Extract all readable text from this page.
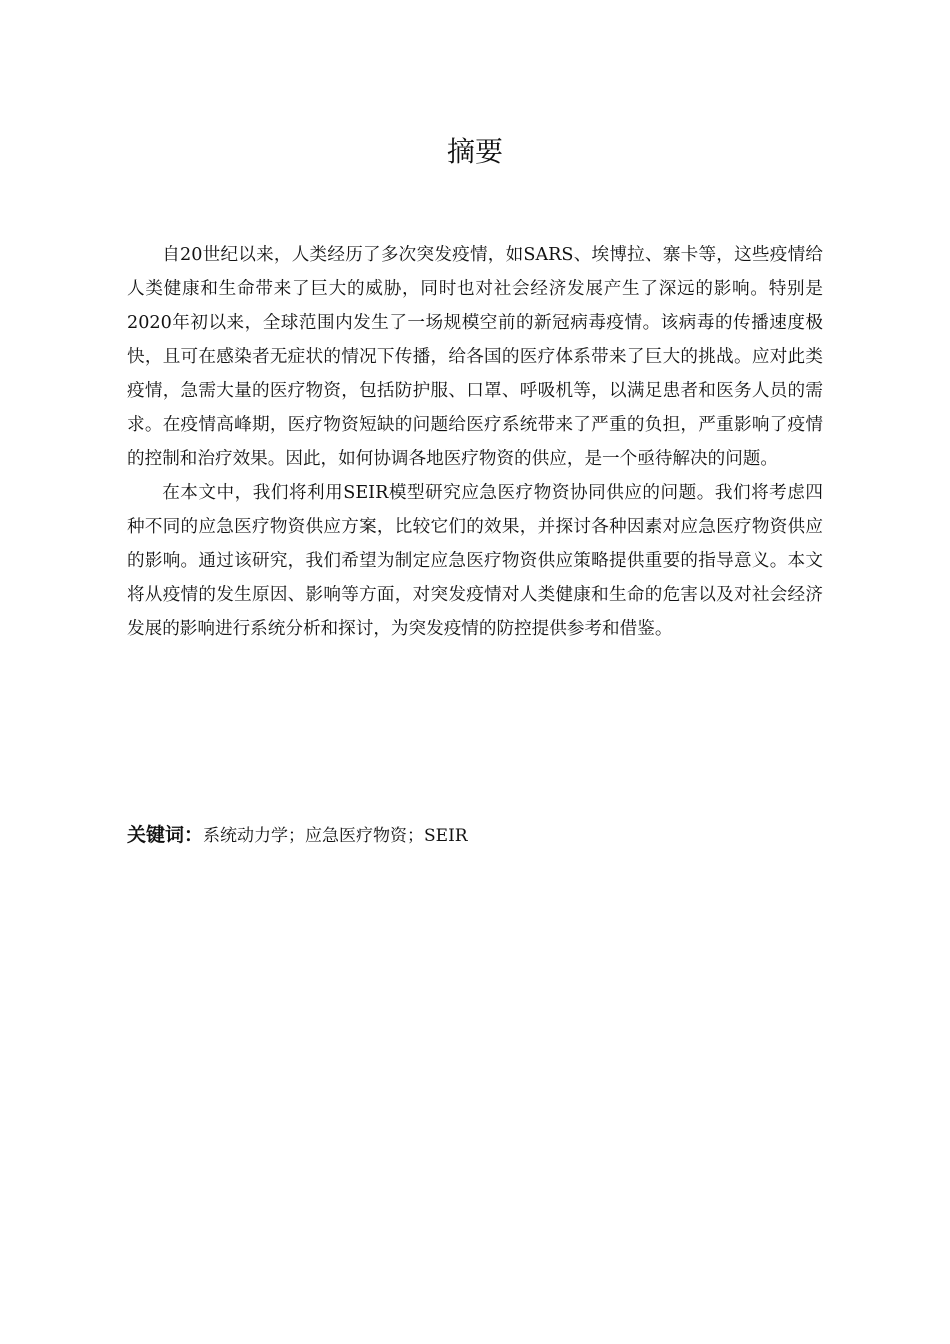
摘要

自20世纪以来，人类经历了多次突发疫情，如SARS、埃博拉、寨卡等，这些疫情给人类健康和生命带来了巨大的威胁，同时也对社会经济发展产生了深远的影响。特别是2020年初以来，全球范围内发生了一场规模空前的新冠病毒疫情。该病毒的传播速度极快，且可在感染者无症状的情况下传播，给各国的医疗体系带来了巨大的挑战。应对此类疫情，急需大量的医疗物资，包括防护服、口罩、呼吸机等，以满足患者和医务人员的需求。在疫情高峰期，医疗物资短缺的问题给医疗系统带来了严重的负担，严重影响了疫情的控制和治疗效果。因此，如何协调各地医疗物资的供应，是一个亟待解决的问题。

在本文中，我们将利用SEIR模型研究应急医疗物资协同供应的问题。我们将考虑四种不同的应急医疗物资供应方案，比较它们的效果，并探讨各种因素对应急医疗物资供应的影响。通过该研究，我们希望为制定应急医疗物资供应策略提供重要的指导意义。本文将从疫情的发生原因、影响等方面，对突发疫情对人类健康和生命的危害以及对社会经济发展的影响进行系统分析和探讨，为突发疫情的防控提供参考和借鉴。

关键词：系统动力学；应急医疗物资；SEIR
